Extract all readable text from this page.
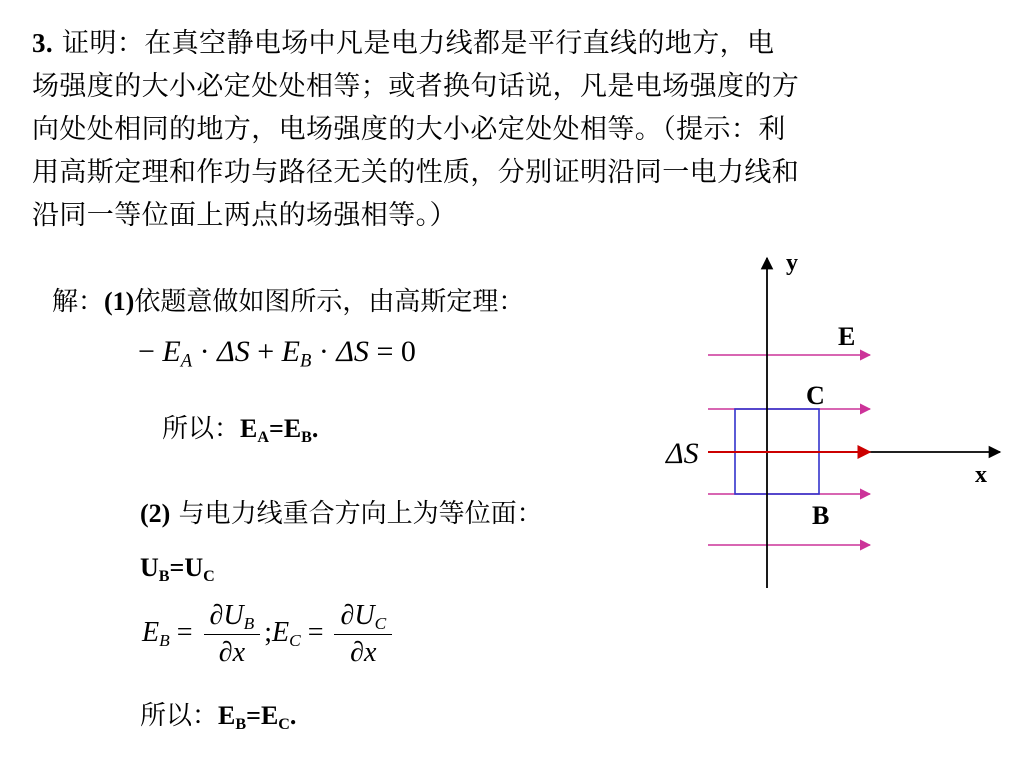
3. 证明：在真空静电场中凡是电力线都是平行直线的地方，电
场强度的大小必定处处相等；或者换句话说，凡是电场强度的方
向处处相同的地方，电场强度的大小必定处处相等。（提示：利
用高斯定理和作功与路径无关的性质，分别证明沿同一电力线和
沿同一等位面上两点的场强相等。）
解：(1)依题意做如图所示，由高斯定理：
− $E_A \cdot \Delta S + E_B \cdot \Delta S = 0$
所以：$E_A=E_B$.
(2) 与电力线重合方向上为等位面：
$U_B=U_C$
$E_B = \frac{\partial U_B}{\partial x}$ $;E_C = \frac{\partial U_C}{\partial x}$
所以：$E_B=E_C$.
y
x
E
C
B
ΔS
